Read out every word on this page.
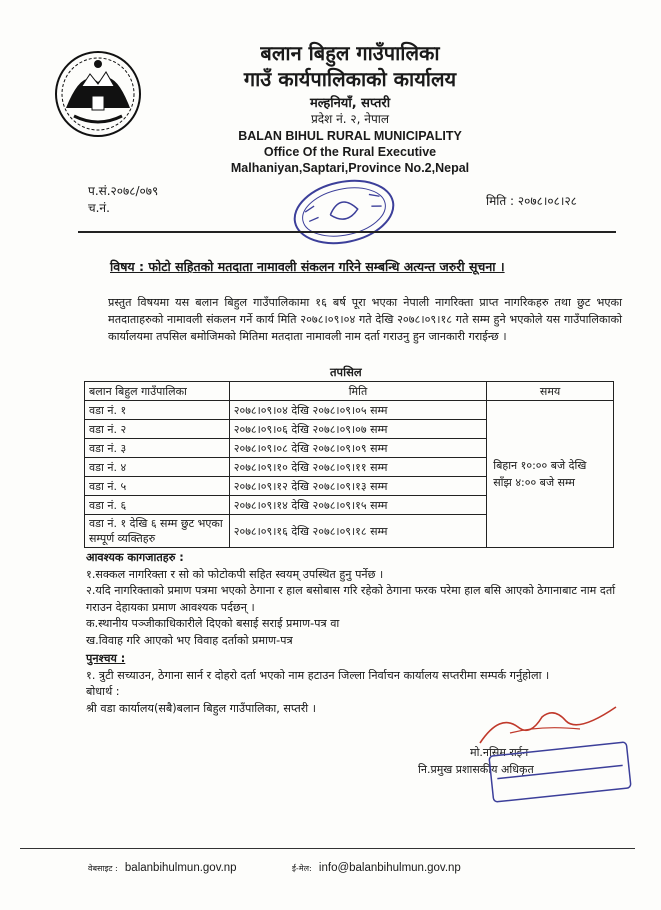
बलान बिहुल गाउँपालिका
गाउँ कार्यपालिकाको कार्यालय
मल्हनियाँ, सप्तरी
प्रदेश नं. २, नेपाल
BALAN BIHUL RURAL MUNICIPALITY
Office Of the Rural Executive
Malhaniyan,Saptari,Province No.2,Nepal
प.सं.२०७८/०७९
च.नं.	मिति : २०७८।०८।२८
विषय : फोटो सहितको मतदाता नामावली संकलन गरिने सम्बन्धि अत्यन्त जरुरी सूचना ।
प्रस्तुत विषयमा यस बलान बिहुल गाउँपालिकामा १६ बर्ष पूरा भएका नेपाली नागरिक्ता प्राप्त नागरिकहरु तथा छुट भएका मतदाताहरुको नामावली संकलन गर्ने कार्य मिति २०७८।०९।०४ गते देखि २०७८।०९।१८ गते सम्म हुने भएकोले यस गाउँपालिकाको कार्यालयमा तपसिल बमोजिमको मितिमा मतदाता नामावली नाम दर्ता गराउनु हुन जानकारी गराईन्छ ।
तपसिल
बलान बिहुल गाउँपालिका	मिति	समय
वडा नं. १	२०७८।०९।०४ देखि २०७८।०९।०५ सम्म	बिहान १०:०० बजे देखि
साँझ ४:०० बजे सम्म

वडा नं. २	२०७८।०९।०६ देखि २०७८।०९।०७ सम्म	
वडा नं. ३	२०७८।०९।०८ देखि २०७८।०९।०९ सम्म	
वडा नं. ४	२०७८।०९।१० देखि २०७८।०९।११ सम्म	
वडा नं. ५	२०७८।०९।१२ देखि २०७८।०९।१३ सम्म	
वडा नं. ६	२०७८।०९।१४ देखि २०७८।०९।१५ सम्म	
वडा नं. १ देखि ६ सम्म छुट भएका सम्पूर्ण व्यक्तिहरु	२०७८।०९।१६ देखि २०७८।०९।१८ सम्म	
आवश्यक कागजातहरु :
१.सक्कल नागरिक्ता र सो को फोटोकपी सहित स्वयम् उपस्थित हुनु पर्नेछ ।
२.यदि नागरिक्ताको प्रमाण पत्रमा भएको ठेगाना र हाल बसोबास गरि रहेको ठेगाना फरक परेमा हाल बसि आएको ठेगानाबाट नाम दर्ता गराउन देहायका प्रमाण आवश्यक पर्दछन् ।
क.स्थानीय पञ्जीकाधिकारीले दिएको बसाई सराई प्रमाण-पत्र वा
ख.विवाह गरि आएको भए विवाह दर्ताको प्रमाण-पत्र
पुनश्चय :
१. त्रुटी सच्याउन, ठेगाना सार्न र दोहरो दर्ता भएको नाम हटाउन जिल्ला निर्वाचन कार्यालय सप्तरीमा सम्पर्क गर्नुहोला ।
बोधार्थ :
श्री वडा कार्यालय(सबै)बलान बिहुल गाउँपालिका, सप्तरी ।
मो.नसिम राईन
नि.प्रमुख प्रशासकीय अधिकृत
वेबसाइट : balanbihulmun.gov.np	ई-मेल: info@balanbihulmun.gov.np
